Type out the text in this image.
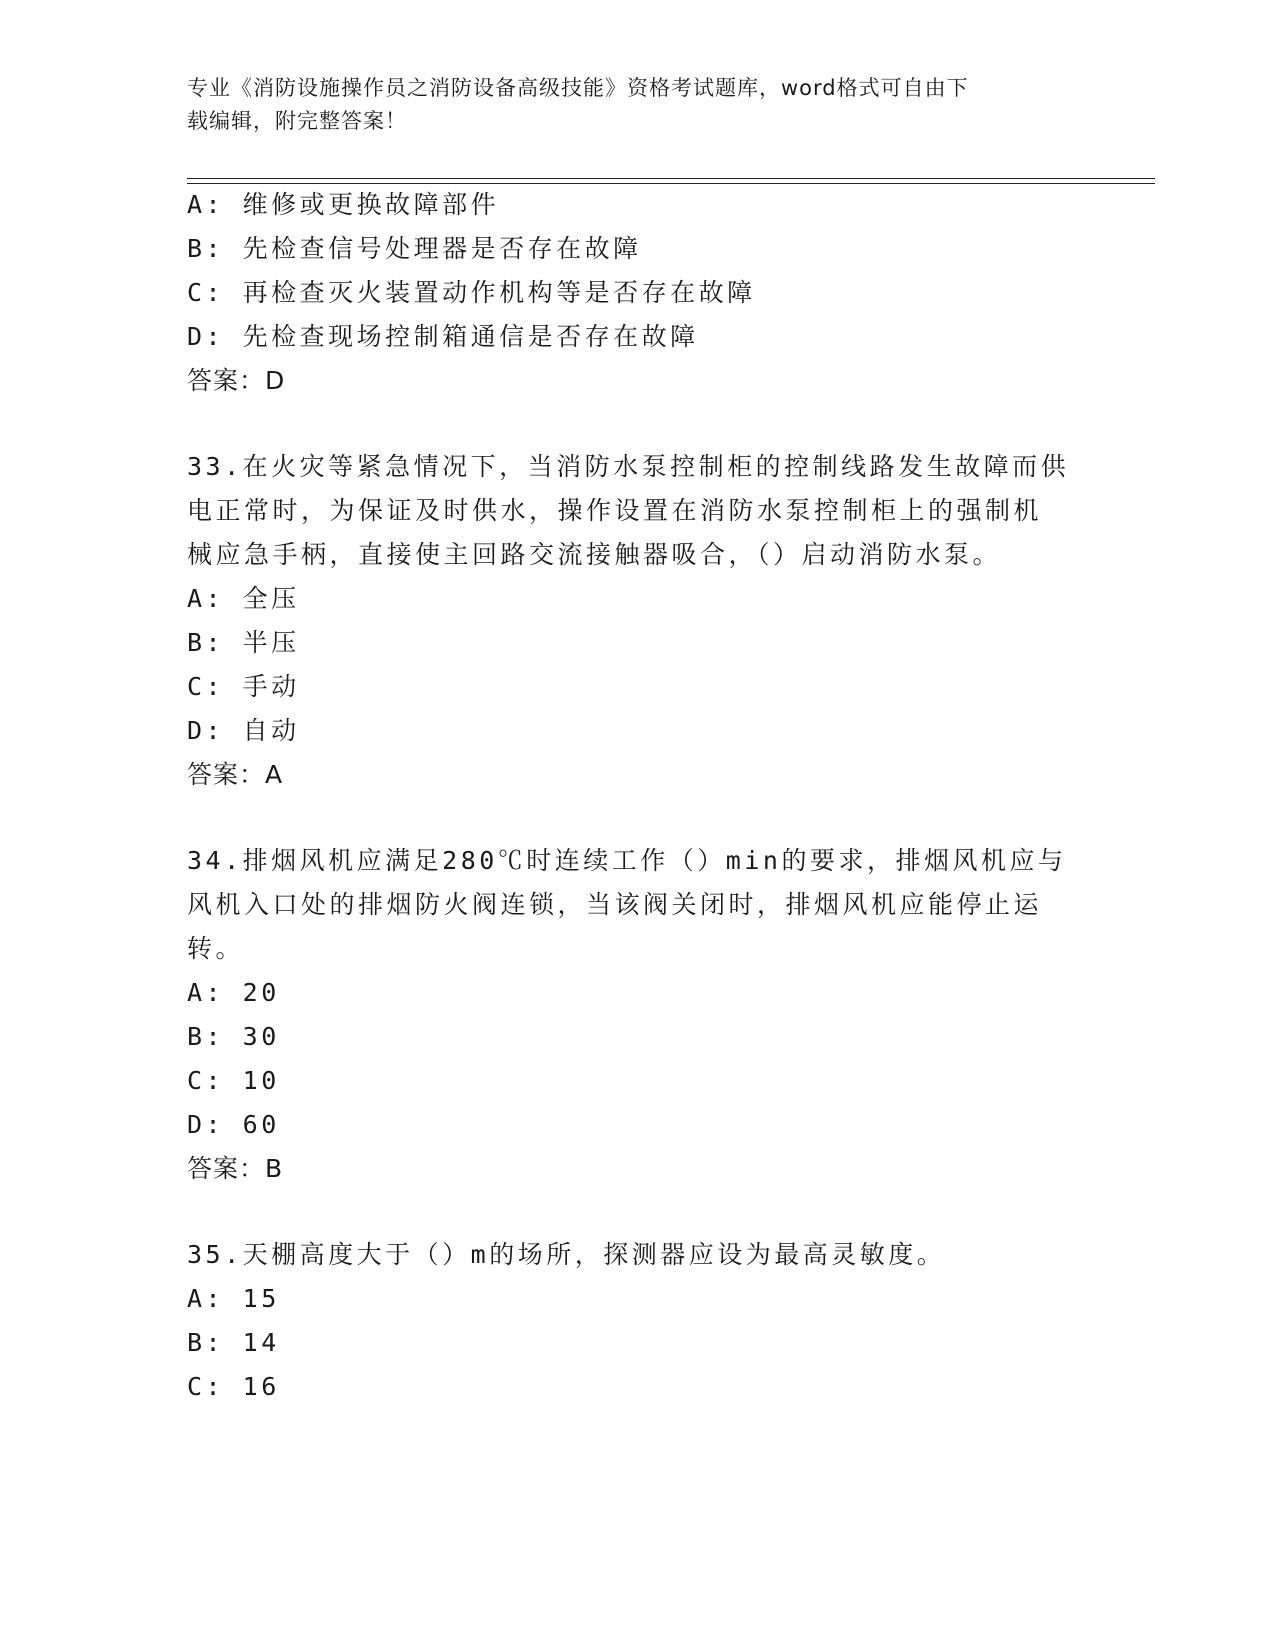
专业《消防设施操作员之消防设备高级技能》资格考试题库，word格式可自由下
载编辑，附完整答案！
A: 维修或更换故障部件
B: 先检查信号处理器是否存在故障
C: 再检查灭火装置动作机构等是否存在故障
D: 先检查现场控制箱通信是否存在故障
答案：D
33.在火灾等紧急情况下，当消防水泵控制柜的控制线路发生故障而供
电正常时，为保证及时供水，操作设置在消防水泵控制柜上的强制机
械应急手柄，直接使主回路交流接触器吸合，（）启动消防水泵。
A: 全压
B: 半压
C: 手动
D: 自动
答案：A
34.排烟风机应满足280℃时连续工作（）min的要求，排烟风机应与
风机入口处的排烟防火阀连锁，当该阀关闭时，排烟风机应能停止运
转。
A: 20
B: 30
C: 10
D: 60
答案：B
35.天棚高度大于（）m的场所，探测器应设为最高灵敏度。
A: 15
B: 14
C: 16
